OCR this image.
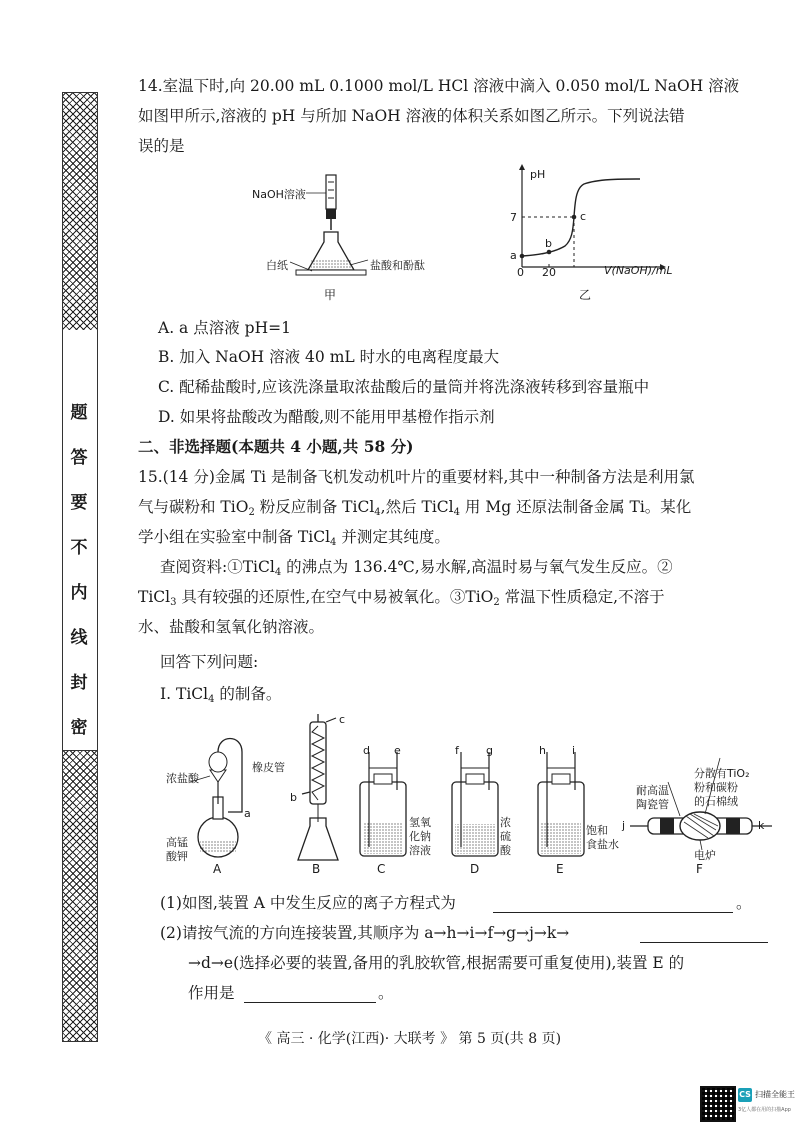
题
答
要
不
内
线
封
密
14.室温下时,向 20.00 mL 0.1000 mol/L HCl 溶液中滴入 0.050 mol/L NaOH 溶液
如图甲所示,溶液的 pH 与所加 NaOH 溶液的体积关系如图乙所示。下列说法错
误的是
NaOH溶液
白纸	盐酸和酚酞
甲
pH
7
a
b
c
0 20	V(NaOH)/mL
乙
A. a 点溶液 pH=1
B. 加入 NaOH 溶液 40 mL 时水的电离程度最大
C. 配稀盐酸时,应该洗涤量取浓盐酸后的量筒并将洗涤液转移到容量瓶中
D. 如果将盐酸改为醋酸,则不能用甲基橙作指示剂
二、非选择题(本题共 4 小题,共 58 分)
15.(14 分)金属 Ti 是制备飞机发动机叶片的重要材料,其中一种制备方法是利用氯
气与碳粉和 TiO$_2$ 粉反应制备 TiCl$_4$,然后 TiCl$_4$ 用 Mg 还原法制备金属 Ti。某化
学小组在实验室中制备 TiCl$_4$ 并测定其纯度。
查阅资料:①TiCl$_4$ 的沸点为 136.4℃,易水解,高温时易与氧气发生反应。②
TiCl$_3$ 具有较强的还原性,在空气中易被氧化。③TiO$_2$ 常温下性质稳定,不溶于
水、盐酸和氢氧化钠溶液。
回答下列问题:
Ⅰ. TiCl$_4$ 的制备。
浓盐酸
橡皮管
a
高锰
酸钾
A
c
b
B
d e
氢氧
化钠
溶液
C
f g
浓
硫
酸
D
h i
饱和
食盐水
E
耐高温
陶瓷管
分散有TiO₂
粉和碳粉
的石棉绒
j	k
电炉
F
(1)如图,装置 A 中发生反应的离子方程式为	。
(2)请按气流的方向连接装置,其顺序为 a→h→i→f→g→j→k→
→d→e(选择必要的装置,备用的乳胶软管,根据需要可重复使用),装置 E 的
作用是	。
《 高三 · 化学(江西)· 大联考 》 第 5 页(共 8 页)
CS 扫描全能王
3亿人都在用的扫描App
